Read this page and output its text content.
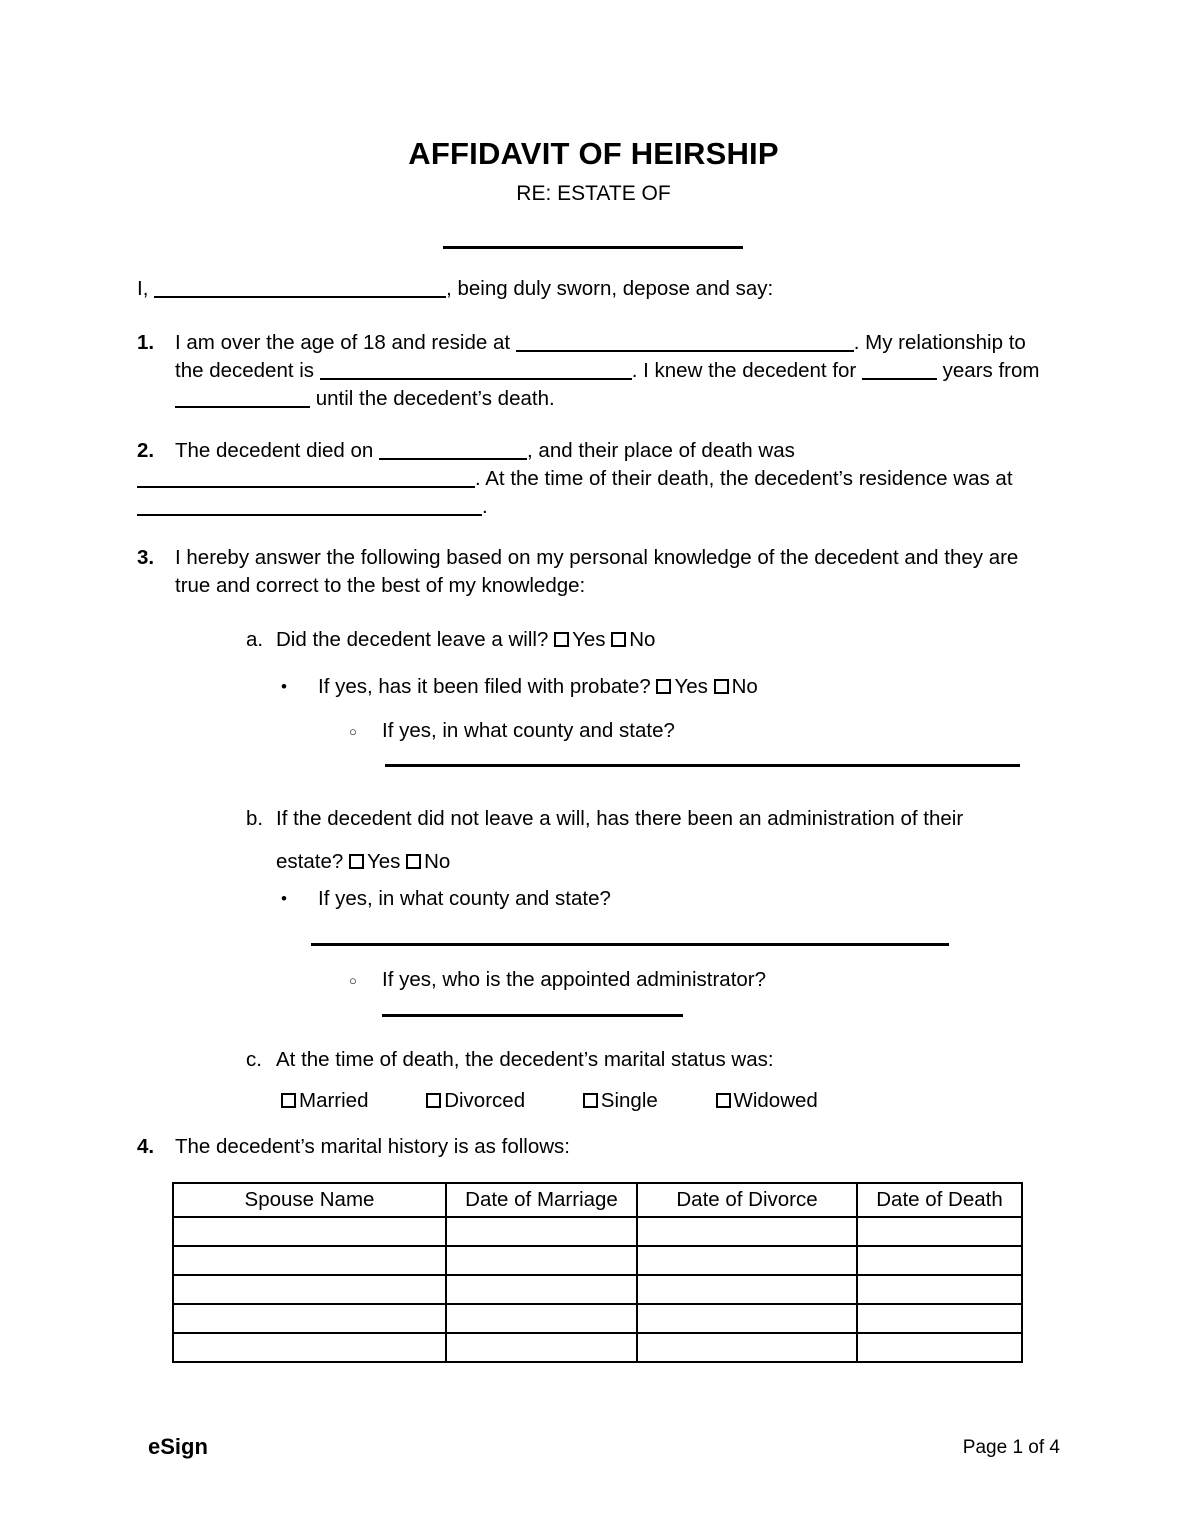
AFFIDAVIT OF HEIRSHIP
RE: ESTATE OF
I,	, being duly sworn, depose and say:
1.	I am over the age of 18 and reside at	. My relationship to the decedent is	. I knew the decedent for	years from  until the decedent’s death.
2.	The decedent died on	, and their place of death was
. At the time of their death, the decedent’s residence was at .
3.	I hereby answer the following based on my personal knowledge of the decedent and they are true and correct to the best of my knowledge:
a. Did the decedent leave a will? Yes No
• If yes, has it been filed with probate? Yes No
○ If yes, in what county and state?
b. If the decedent did not leave a will, has there been an administration of their estate? Yes No
• If yes, in what county and state?
○ If yes, who is the appointed administrator?
c. At the time of death, the decedent’s marital status was:
Married	Divorced	Single	Widowed
4.	The decedent’s marital history is as follows:
Spouse Name	Date of Marriage	Date of Divorce	Date of Death

eSign	Page 1 of 4
